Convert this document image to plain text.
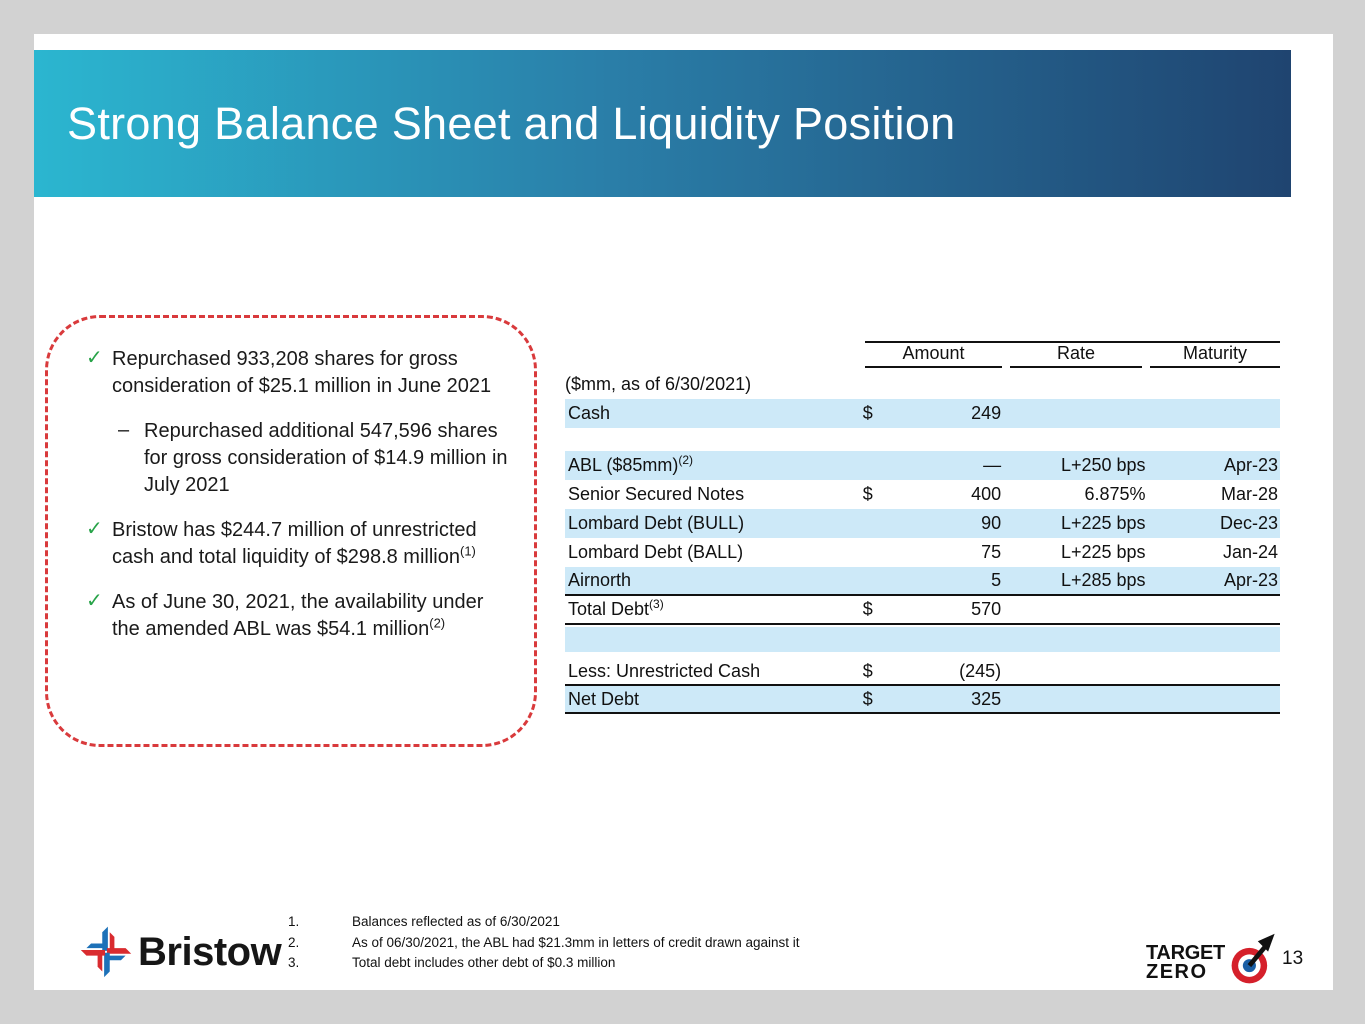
Strong Balance Sheet and Liquidity Position
✓ Repurchased 933,208 shares for gross consideration of $25.1 million in June 2021
– Repurchased additional 547,596 shares for gross consideration of $14.9 million in July 2021
✓ Bristow has $244.7 million of unrestricted cash and total liquidity of $298.8 million$^{(1)}$
✓ As of June 30, 2021, the availability under the amended ABL was $54.1 million$^{(2)}$
Amount	Rate	Maturity
($mm, as of 6/30/2021)
Cash	$	249
ABL ($85mm)$^{(2)}$	—	L+250 bps	Apr-23
Senior Secured Notes	$	400	6.875%	Mar-28
Lombard Debt (BULL)	90	L+225 bps	Dec-23
Lombard Debt (BALL)	75	L+225 bps	Jan-24
Airnorth	5	L+285 bps	Apr-23
Total Debt$^{(3)}$	$	570
Less: Unrestricted Cash	$	(245)
Net Debt	$	325
1.	Balances reflected as of 6/30/2021
2.	As of 06/30/2021, the ABL had $21.3mm in letters of credit drawn against it
3.	Total debt includes other debt of $0.3 million
Bristow	TARGET
ZERO
13
